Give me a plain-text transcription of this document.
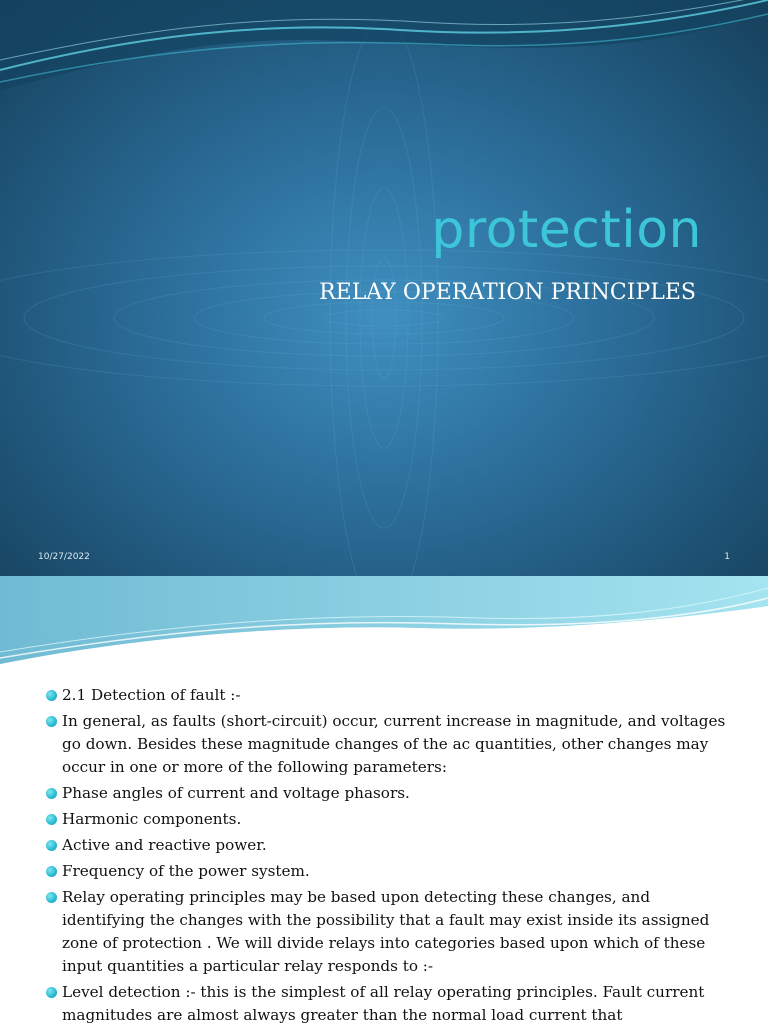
protection
RELAY OPERATION PRINCIPLES
10/27/2022	1
2.1 Detection of fault :-
In general, as faults (short-circuit) occur, current increase in magnitude, and voltages go down. Besides these magnitude changes of the ac quantities, other changes may occur in one or more of the following parameters:
Phase angles of current and voltage phasors.
Harmonic components.
Active and reactive power.
Frequency of the power system.
Relay operating principles may be based upon detecting these changes, and identifying the changes with the possibility that a fault may exist inside its assigned zone of protection . We will divide relays into categories based upon which of these input quantities a particular relay responds to :-
Level detection :- this is the simplest of all relay operating principles. Fault current magnitudes are almost always greater than the normal load current that
